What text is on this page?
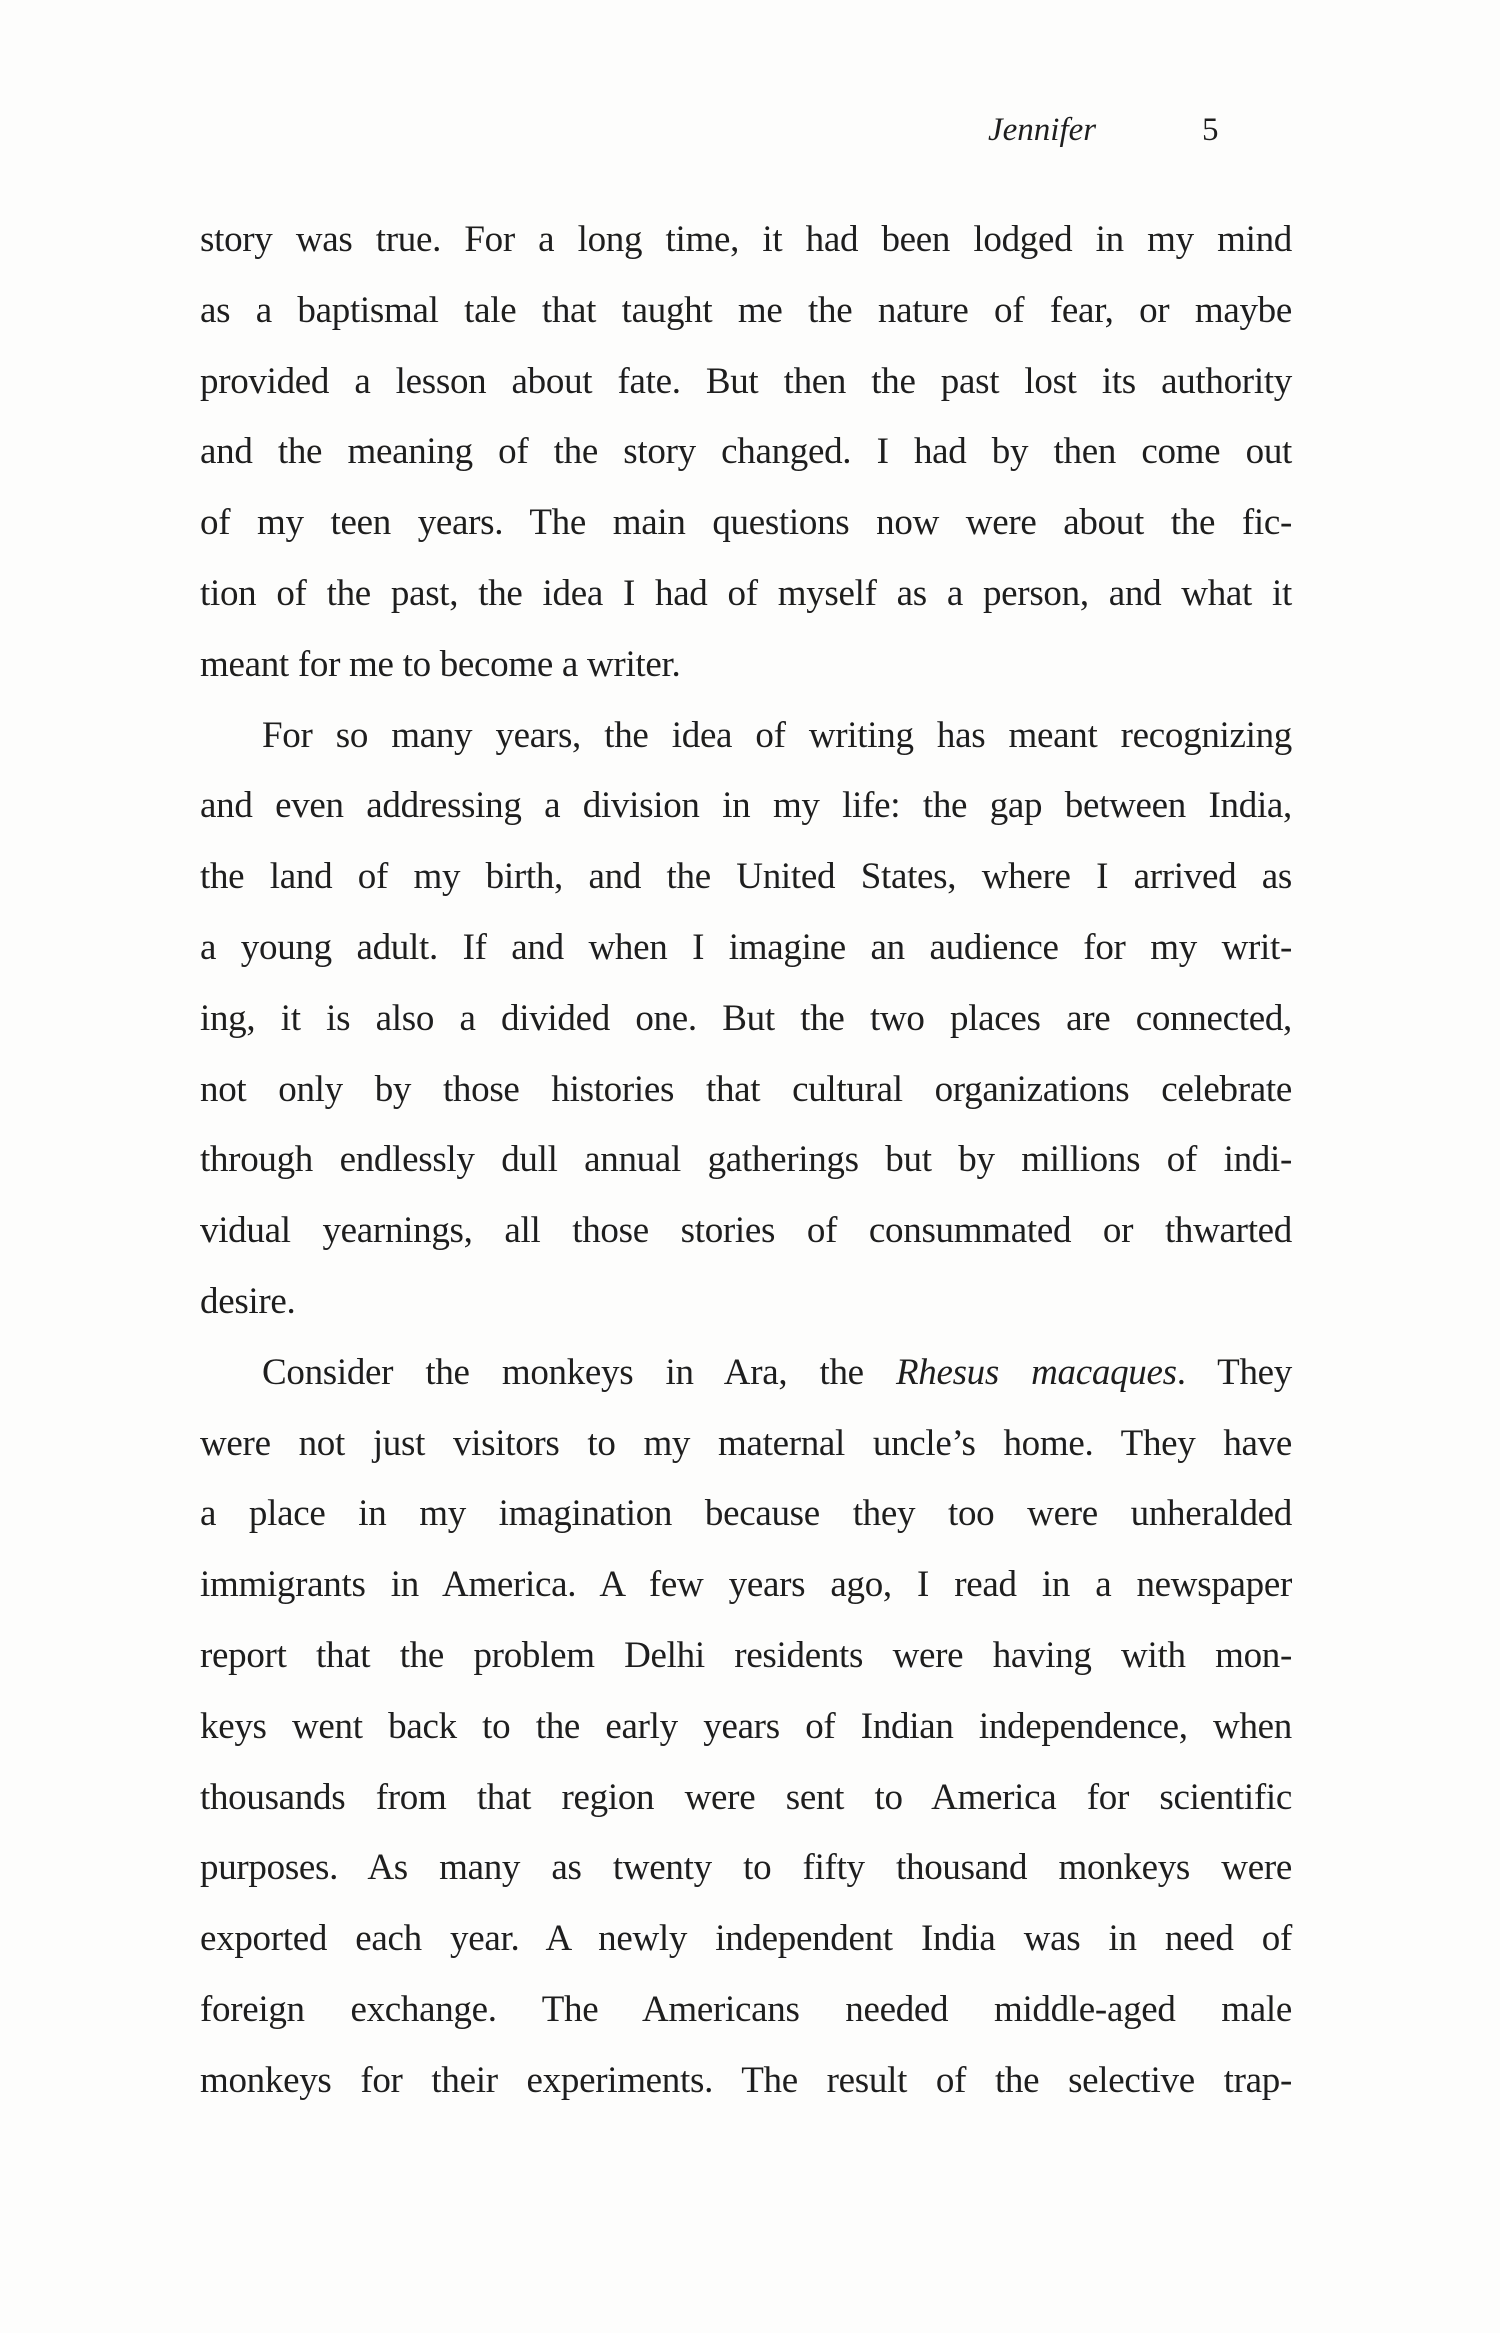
Jennifer	5
story was true. For a long time, it had been lodged in my mind
as a baptismal tale that taught me the nature of fear, or maybe
provided a lesson about fate. But then the past lost its authority
and the meaning of the story changed. I had by then come out
of my teen years. The main questions now were about the fic-
tion of the past, the idea I had of myself as a person, and what it
meant for me to become a writer.
For so many years, the idea of writing has meant recognizing
and even addressing a division in my life: the gap between India,
the land of my birth, and the United States, where I arrived as
a young adult. If and when I imagine an audience for my writ-
ing, it is also a divided one. But the two places are connected,
not only by those histories that cultural organizations celebrate
through endlessly dull annual gatherings but by millions of indi-
vidual yearnings, all those stories of consummated or thwarted
desire.
Consider the monkeys in Ara, the Rhesus macaques. They
were not just visitors to my maternal uncle’s home. They have
a place in my imagination because they too were unheralded
immigrants in America. A few years ago, I read in a newspaper
report that the problem Delhi residents were having with mon-
keys went back to the early years of Indian independence, when
thousands from that region were sent to America for scientific
purposes. As many as twenty to fifty thousand monkeys were
exported each year. A newly independent India was in need of
foreign exchange. The Americans needed middle-aged male
monkeys for their experiments. The result of the selective trap-
